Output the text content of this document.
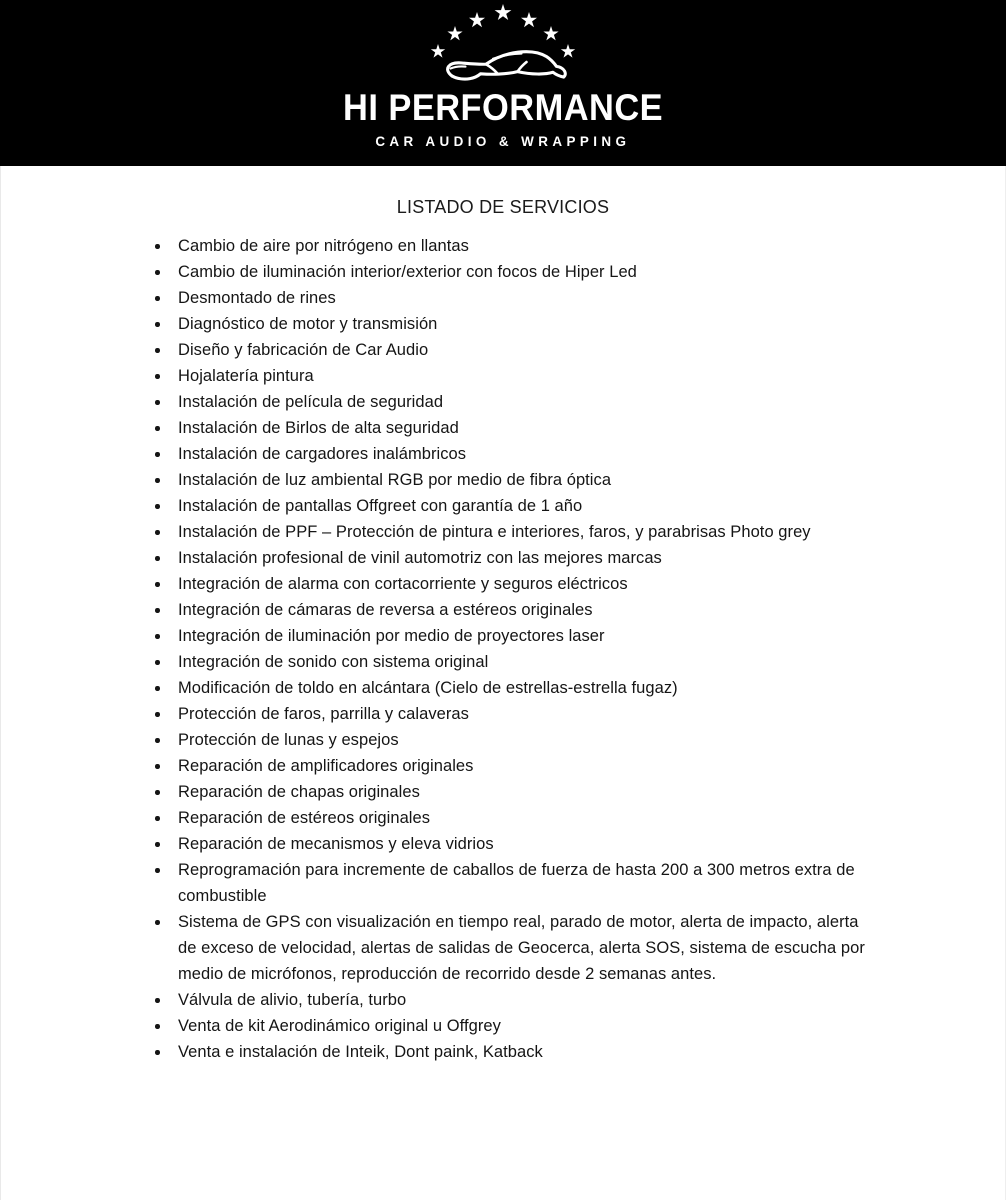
HI PERFORMANCE
CAR AUDIO & WRAPPING
LISTADO DE SERVICIOS
Cambio de aire por nitrógeno en llantas
Cambio de iluminación interior/exterior con focos de Hiper Led
Desmontado de rines
Diagnóstico de motor y transmisión
Diseño y fabricación de Car Audio
Hojalatería pintura
Instalación de película de seguridad
Instalación de Birlos de alta seguridad
Instalación de cargadores inalámbricos
Instalación de luz ambiental RGB por medio de fibra óptica
Instalación de pantallas Offgreet con garantía de 1 año
Instalación de PPF – Protección de pintura e interiores, faros, y parabrisas Photo grey
Instalación profesional de vinil automotriz con las mejores marcas
Integración de alarma con cortacorriente y seguros eléctricos
Integración de cámaras de reversa a estéreos originales
Integración de iluminación por medio de proyectores laser
Integración de sonido con sistema original
Modificación de toldo en alcántara (Cielo de estrellas-estrella fugaz)
Protección de faros, parrilla y calaveras
Protección de lunas y espejos
Reparación de amplificadores originales
Reparación de chapas originales
Reparación de estéreos originales
Reparación de mecanismos y eleva vidrios
Reprogramación para incremente de caballos de fuerza de hasta 200 a 300 metros extra de combustible
Sistema de GPS con visualización en tiempo real, parado de motor, alerta de impacto, alerta de exceso de velocidad, alertas de salidas de Geocerca, alerta SOS, sistema de escucha por medio de micrófonos, reproducción de recorrido desde 2 semanas antes.
Válvula de alivio, tubería, turbo
Venta de kit Aerodinámico original u Offgrey
Venta e instalación de Inteik, Dont paink, Katback
